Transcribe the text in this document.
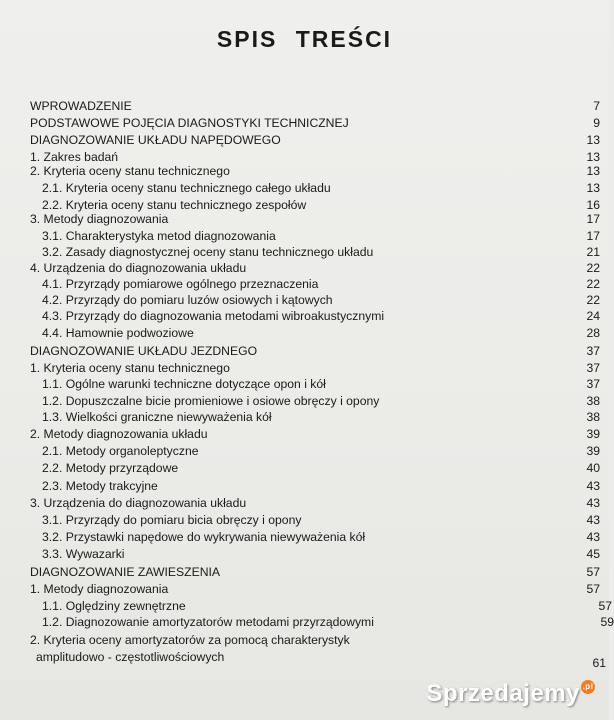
SPIS TREŚCI
WPROWADZENIE	7
PODSTAWOWE POJĘCIA DIAGNOSTYKI TECHNICZNEJ	9
DIAGNOZOWANIE UKŁADU NAPĘDOWEGO	13
1. Zakres badań	13
2. Kryteria oceny stanu technicznego	13
2.1. Kryteria oceny stanu technicznego całego układu	13
2.2. Kryteria oceny stanu technicznego zespołów	16
3. Metody diagnozowania	17
3.1. Charakterystyka metod diagnozowania	17
3.2. Zasady diagnostycznej oceny stanu technicznego układu	21
4. Urządzenia do diagnozowania układu	22
4.1. Przyrządy pomiarowe ogólnego przeznaczenia	22
4.2. Przyrządy do pomiaru luzów osiowych i kątowych	22
4.3. Przyrządy do diagnozowania metodami wibroakustycznymi	24
4.4. Hamownie podwoziowe	28
DIAGNOZOWANIE UKŁADU JEZDNEGO	37
1. Kryteria oceny stanu technicznego	37
1.1. Ogólne warunki techniczne dotyczące opon i kół	37
1.2. Dopuszczalne bicie promieniowe i osiowe obręczy i opony	38
1.3. Wielkości graniczne niewyważenia kół	38
2. Metody diagnozowania układu	39
2.1. Metody organoleptyczne	39
2.2. Metody przyrządowe	40
2.3. Metody trakcyjne	43
3. Urządzenia do diagnozowania układu	43
3.1. Przyrządy do pomiaru bicia obręczy i opony	43
3.2. Przystawki napędowe do wykrywania niewyważenia kół	43
3.3. Wywazarki	45
DIAGNOZOWANIE ZAWIESZENIA	57
1. Metody diagnozowania	57
1.1. Oględziny zewnętrzne	57
1.2. Diagnozowanie amortyzatorów metodami przyrządowymi	59
2. Kryteria oceny amortyzatorów za pomocą charakterystyk
amplitudowo - częstotliwościowych	61
Sprzedajemy .pl
